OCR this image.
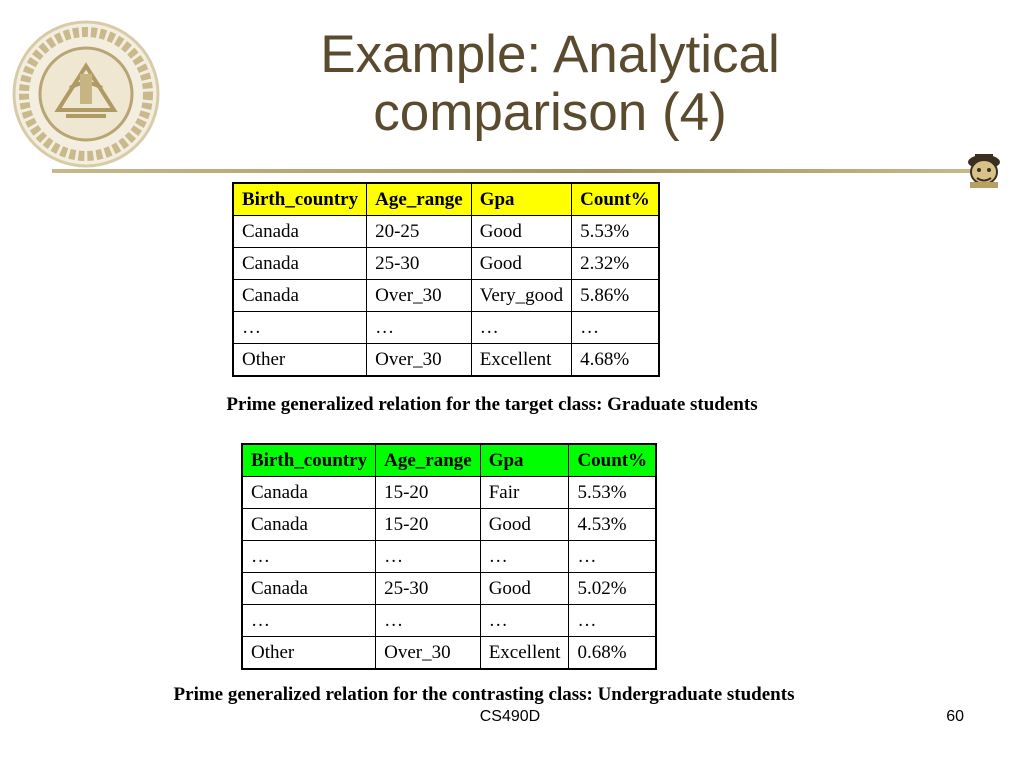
Example: Analytical
comparison (4)
Birth_country	Age_range	Gpa	Count%
Canada	20-25	Good	5.53%
Canada	25-30	Good	2.32%
Canada	Over_30	Very_good	5.86%
…	…	…	…
Other	Over_30	Excellent	4.68%
Prime generalized relation for the target class: Graduate students
Birth_country	Age_range	Gpa	Count%
Canada	15-20	Fair	5.53%
Canada	15-20	Good	4.53%
…	…	…	…
Canada	25-30	Good	5.02%
…	…	…	…
Other	Over_30	Excellent	0.68%
Prime generalized relation for the contrasting class: Undergraduate students
CS490D	60
